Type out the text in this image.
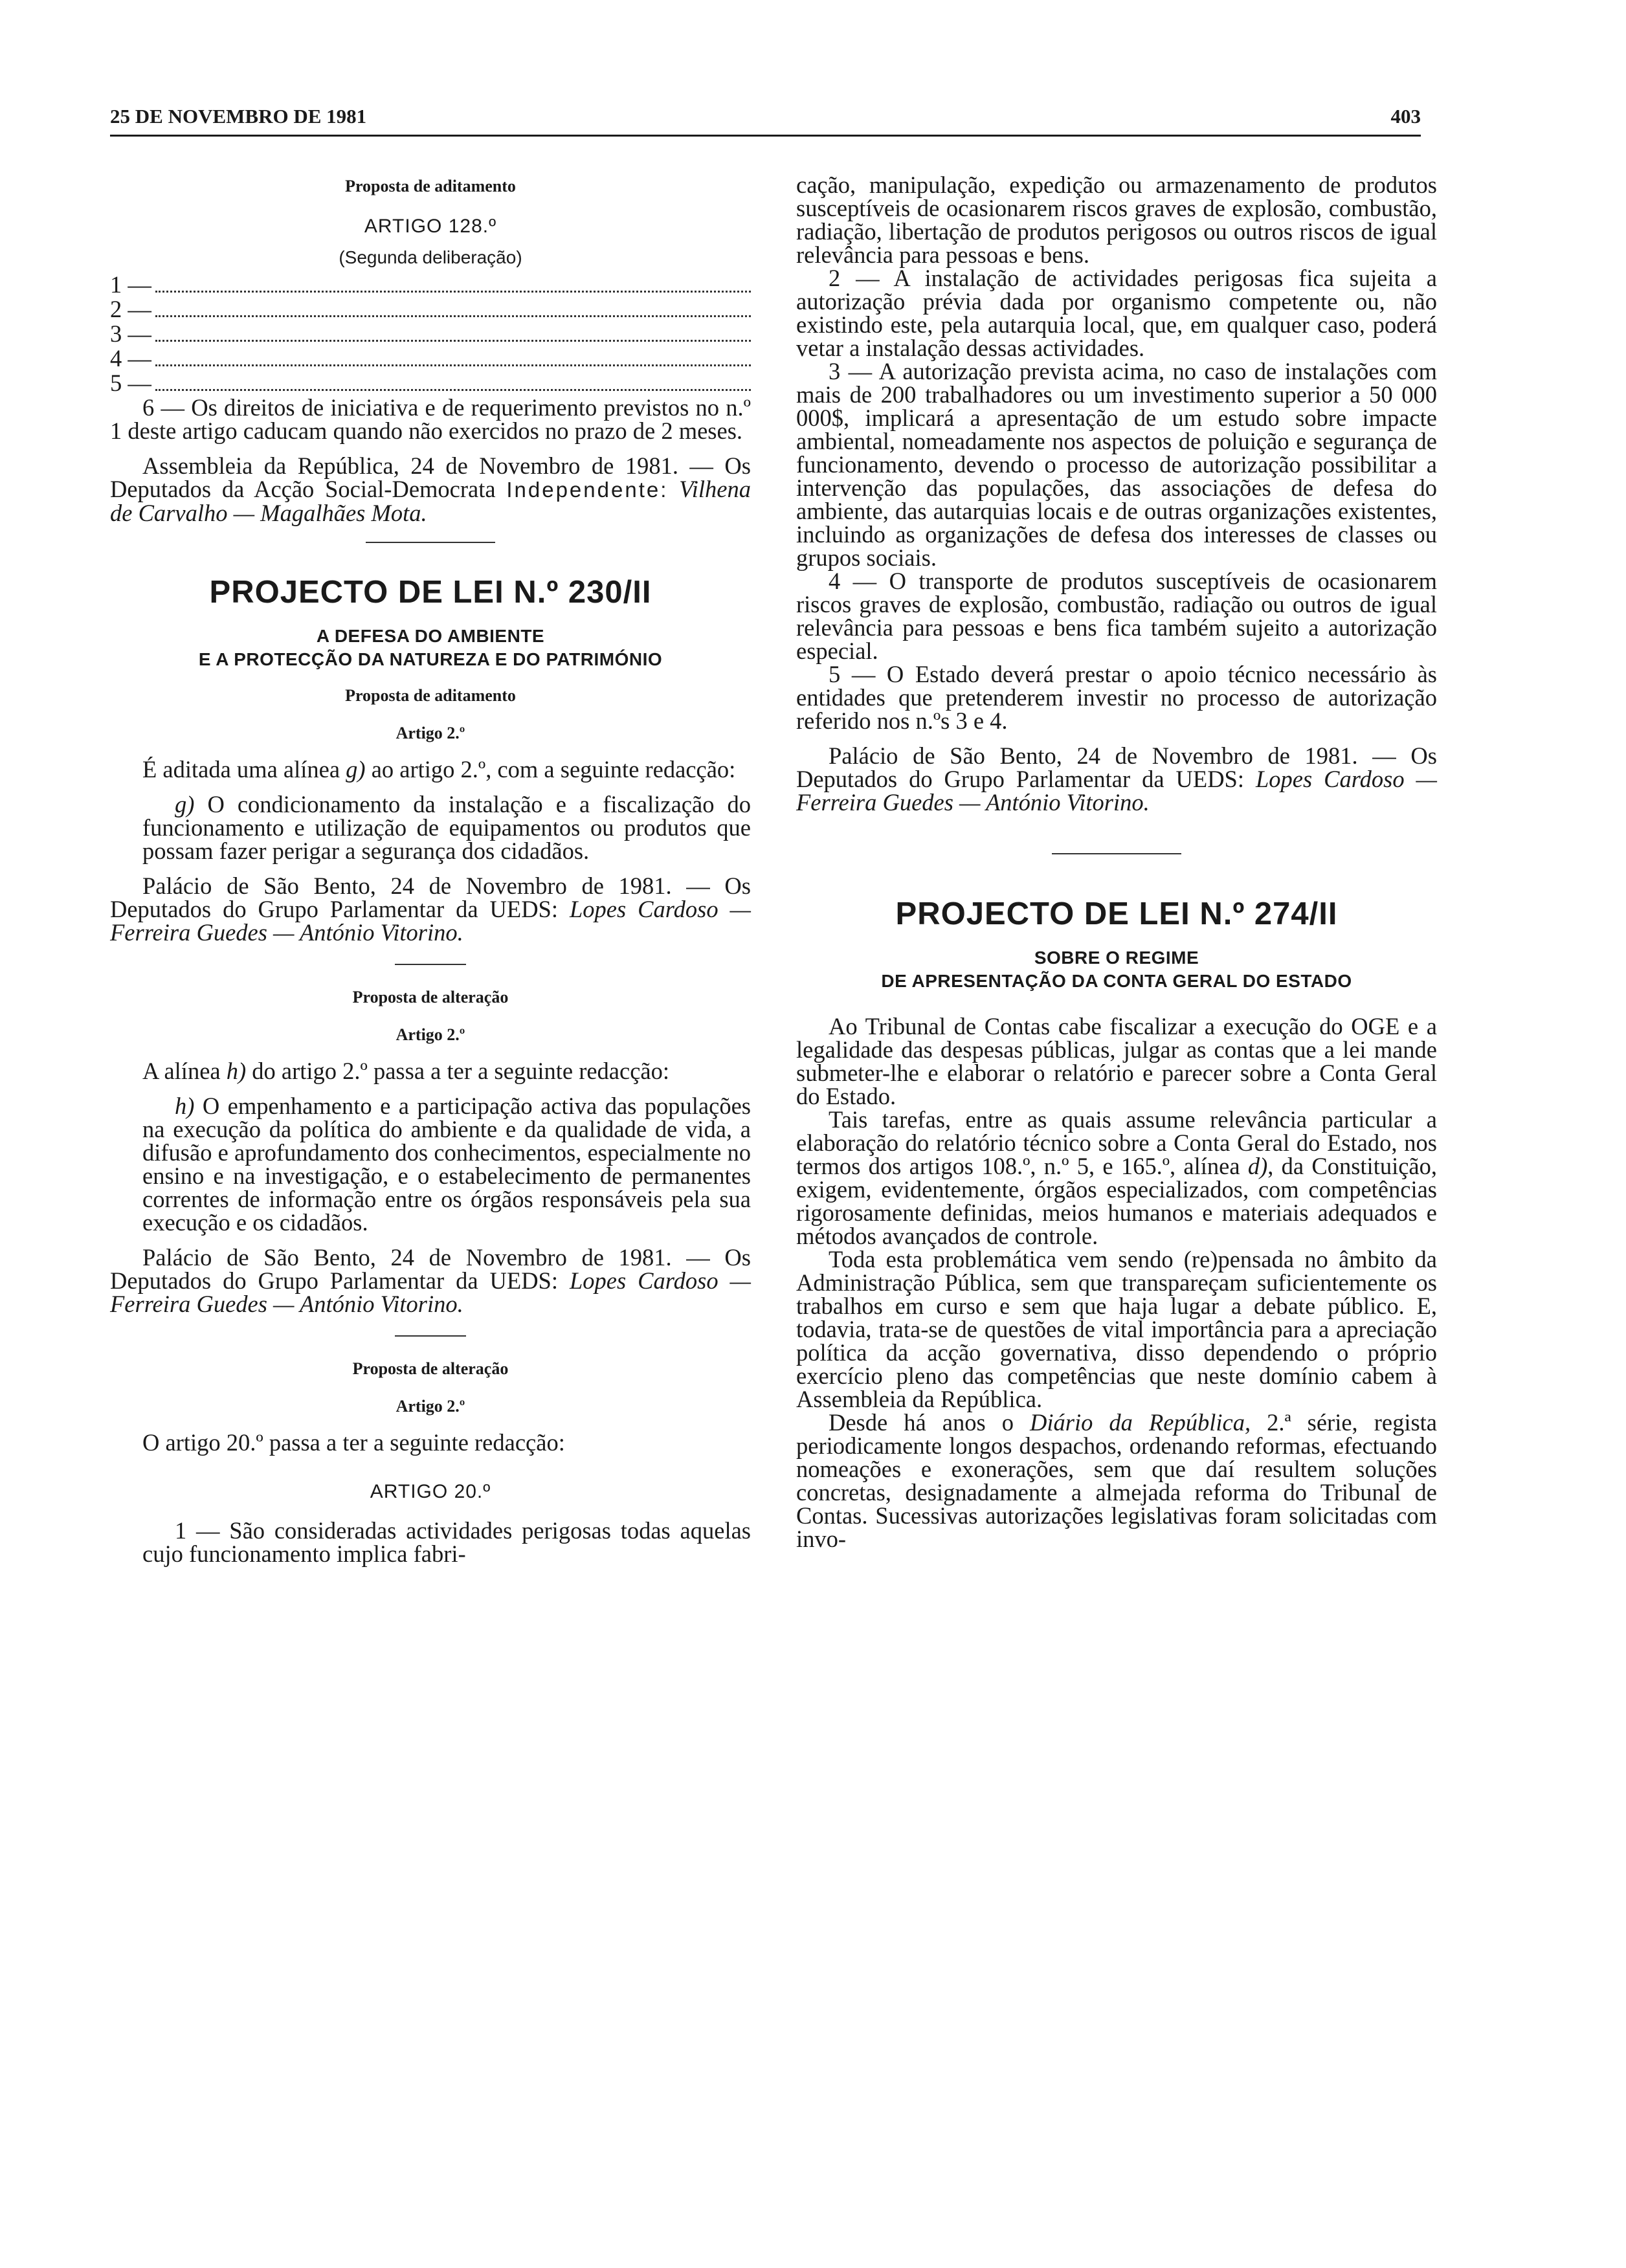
25 DE NOVEMBRO DE 1981	403

Proposta de aditamento

ARTIGO 128.º

(Segunda deliberação)

1 —
2 —
3 —
4 —
5 —

6 — Os direitos de iniciativa e de requerimento previstos no n.º 1 deste artigo caducam quando não exercidos no prazo de 2 meses.

Assembleia da República, 24 de Novembro de 1981. — Os Deputados da Acção Social-Democrata Independente: Vilhena de Carvalho — Magalhães Mota.

PROJECTO DE LEI N.º 230/II

A DEFESA DO AMBIENTE

E A PROTECÇÃO DA NATUREZA E DO PATRIMÓNIO

Proposta de aditamento

Artigo 2.º

É aditada uma alínea g) ao artigo 2.º, com a seguinte redacção:

g) O condicionamento da instalação e a fiscalização do funcionamento e utilização de equipamentos ou produtos que possam fazer perigar a segurança dos cidadãos.

Palácio de São Bento, 24 de Novembro de 1981. — Os Deputados do Grupo Parlamentar da UEDS: Lopes Cardoso — Ferreira Guedes — António Vitorino.

Proposta de alteração

Artigo 2.º

A alínea h) do artigo 2.º passa a ter a seguinte redacção:

h) O empenhamento e a participação activa das populações na execução da política do ambiente e da qualidade de vida, a difusão e aprofundamento dos conhecimentos, especialmente no ensino e na investigação, e o estabelecimento de permanentes correntes de informação entre os órgãos responsáveis pela sua execução e os cidadãos.

Palácio de São Bento, 24 de Novembro de 1981. — Os Deputados do Grupo Parlamentar da UEDS: Lopes Cardoso — Ferreira Guedes — António Vitorino.

Proposta de alteração

Artigo 2.º

O artigo 20.º passa a ter a seguinte redacção:

ARTIGO 20.º

1 — São consideradas actividades perigosas todas aquelas cujo funcionamento implica fabri-

cação, manipulação, expedição ou armazenamento de produtos susceptíveis de ocasionarem riscos graves de explosão, combustão, radiação, libertação de produtos perigosos ou outros riscos de igual relevância para pessoas e bens.

2 — A instalação de actividades perigosas fica sujeita a autorização prévia dada por organismo competente ou, não existindo este, pela autarquia local, que, em qualquer caso, poderá vetar a instalação dessas actividades.

3 — A autorização prevista acima, no caso de instalações com mais de 200 trabalhadores ou um investimento superior a 50 000 000$, implicará a apresentação de um estudo sobre impacte ambiental, nomeadamente nos aspectos de poluição e segurança de funcionamento, devendo o processo de autorização possibilitar a intervenção das populações, das associações de defesa do ambiente, das autarquias locais e de outras organizações existentes, incluindo as organizações de defesa dos interesses de classes ou grupos sociais.

4 — O transporte de produtos susceptíveis de ocasionarem riscos graves de explosão, combustão, radiação ou outros de igual relevância para pessoas e bens fica também sujeito a autorização especial.

5 — O Estado deverá prestar o apoio técnico necessário às entidades que pretenderem investir no processo de autorização referido nos n.ºs 3 e 4.

Palácio de São Bento, 24 de Novembro de 1981. — Os Deputados do Grupo Parlamentar da UEDS: Lopes Cardoso — Ferreira Guedes — António Vitorino.

PROJECTO DE LEI N.º 274/II

SOBRE O REGIME

DE APRESENTAÇÃO DA CONTA GERAL DO ESTADO

Ao Tribunal de Contas cabe fiscalizar a execução do OGE e a legalidade das despesas públicas, julgar as contas que a lei mande submeter-lhe e elaborar o relatório e parecer sobre a Conta Geral do Estado.

Tais tarefas, entre as quais assume relevância particular a elaboração do relatório técnico sobre a Conta Geral do Estado, nos termos dos artigos 108.º, n.º 5, e 165.º, alínea d), da Constituição, exigem, evidentemente, órgãos especializados, com competências rigorosamente definidas, meios humanos e materiais adequados e métodos avançados de controle.

Toda esta problemática vem sendo (re)pensada no âmbito da Administração Pública, sem que transpareçam suficientemente os trabalhos em curso e sem que haja lugar a debate público. E, todavia, trata-se de questões de vital importância para a apreciação política da acção governativa, disso dependendo o próprio exercício pleno das competências que neste domínio cabem à Assembleia da República.

Desde há anos o Diário da República, 2.ª série, regista periodicamente longos despachos, ordenando reformas, efectuando nomeações e exonerações, sem que daí resultem soluções concretas, designadamente a almejada reforma do Tribunal de Contas. Sucessivas autorizações legislativas foram solicitadas com invo-
